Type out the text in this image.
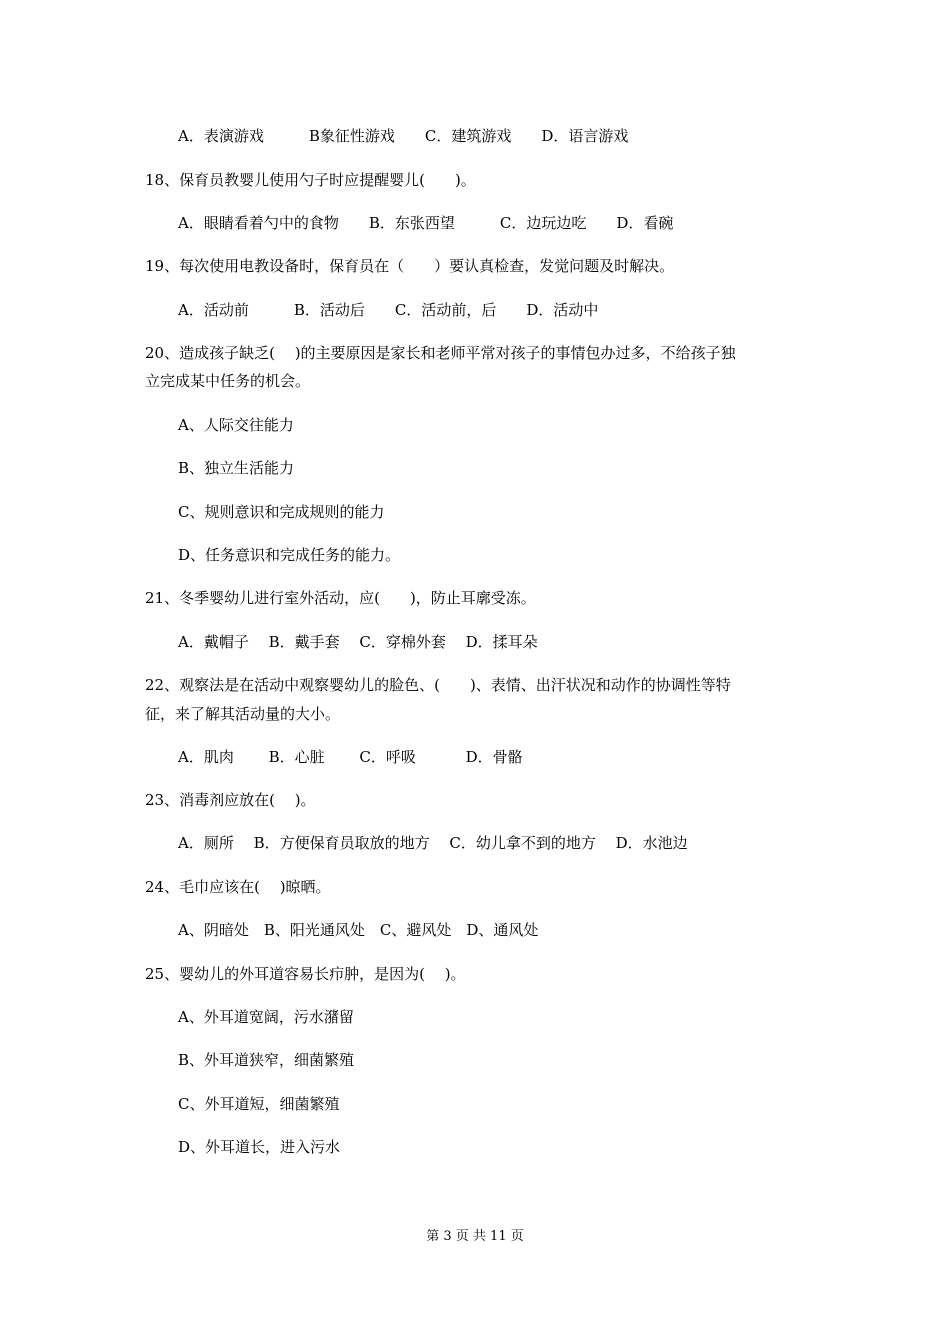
A．表演游戏　　　B象征性游戏　　C．建筑游戏　　D．语言游戏
18、保育员教婴儿使用勺子时应提醒婴儿(　　)。
A．眼睛看着勺中的食物　　B．东张西望　　　C．边玩边吃　　D．看碗
19、每次使用电教设备时，保育员在（　　）要认真检查，发觉问题及时解决。
A．活动前　　　B．活动后　　C．活动前，后　　D．活动中
20、造成孩子缺乏(　 )的主要原因是家长和老师平常对孩子的事情包办过多，不给孩子独
立完成某中任务的机会。
A、人际交往能力
B、独立生活能力
C、规则意识和完成规则的能力
D、任务意识和完成任务的能力。
21、冬季婴幼儿进行室外活动，应(　　)，防止耳廓受冻。
A．戴帽子　 B．戴手套　 C．穿棉外套　 D．揉耳朵
22、观察法是在活动中观察婴幼儿的脸色、(　　)、表情、出汗状况和动作的协调性等特
征，来了解其活动量的大小。
A．肌肉　　 B．心脏　　 C．呼吸　　　 D．骨骼
23、消毒剂应放在(　 )。
A．厕所　 B．方便保育员取放的地方　 C．幼儿拿不到的地方　 D．水池边
24、毛巾应该在(　 )晾晒。
A、阴暗处　B、阳光通风处　C、避风处　D、通风处
25、婴幼儿的外耳道容易长疖肿，是因为(　 )。
A、外耳道宽阔，污水潴留
B、外耳道狭窄，细菌繁殖
C、外耳道短，细菌繁殖
D、外耳道长，进入污水
第 3 页 共 11 页
